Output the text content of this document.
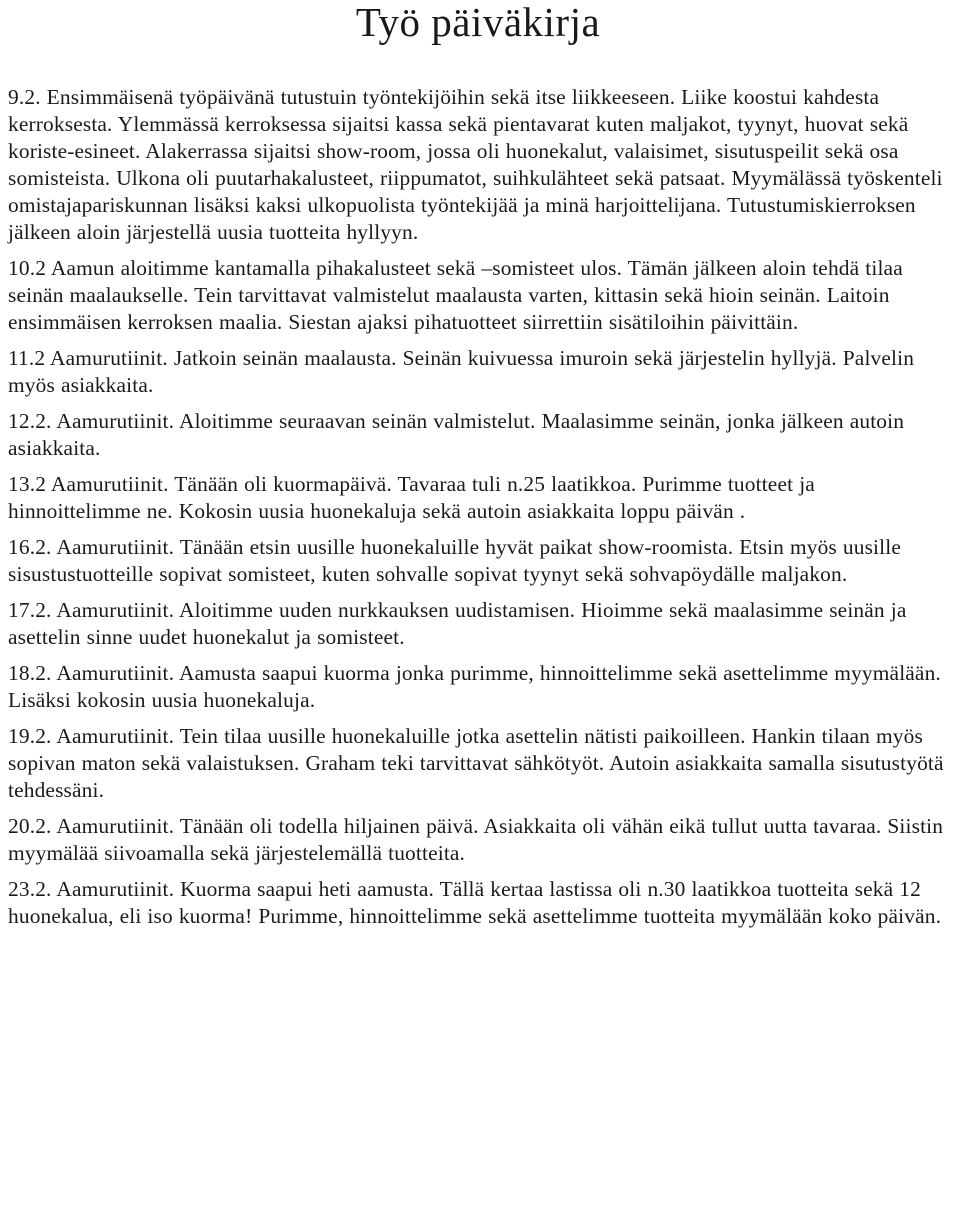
Työ päiväkirja

9.2. Ensimmäisenä työpäivänä tutustuin työntekijöihin sekä itse liikkeeseen. Liike koostui kahdesta kerroksesta. Ylemmässä kerroksessa sijaitsi kassa sekä pientavarat kuten maljakot, tyynyt, huovat sekä koriste-esineet. Alakerrassa sijaitsi show-room, jossa oli huonekalut, valaisimet, sisutuspeilit sekä osa somisteista. Ulkona oli puutarhakalusteet, riippumatot, suihkulähteet sekä patsaat. Myymälässä työskenteli omistajapariskunnan lisäksi kaksi ulkopuolista työntekijää ja minä harjoittelijana. Tutustumiskierroksen jälkeen aloin järjestellä uusia tuotteita hyllyyn.

10.2 Aamun aloitimme kantamalla pihakalusteet sekä –somisteet ulos. Tämän jälkeen aloin tehdä tilaa seinän maalaukselle. Tein tarvittavat valmistelut maalausta varten, kittasin sekä hioin seinän. Laitoin ensimmäisen kerroksen maalia. Siestan ajaksi pihatuotteet siirrettiin sisätiloihin päivittäin.

11.2 Aamurutiinit. Jatkoin seinän maalausta. Seinän kuivuessa imuroin sekä järjestelin hyllyjä. Palvelin myös asiakkaita.

12.2. Aamurutiinit. Aloitimme seuraavan seinän valmistelut. Maalasimme seinän, jonka jälkeen autoin asiakkaita.

13.2 Aamurutiinit. Tänään oli kuormapäivä. Tavaraa tuli n.25 laatikkoa. Purimme tuotteet ja hinnoittelimme ne. Kokosin uusia huonekaluja sekä autoin asiakkaita loppu päivän .

16.2. Aamurutiinit. Tänään etsin uusille huonekaluille hyvät paikat show-roomista. Etsin myös uusille sisustustuotteille sopivat somisteet, kuten sohvalle sopivat tyynyt sekä sohvapöydälle maljakon.

17.2. Aamurutiinit. Aloitimme uuden nurkkauksen uudistamisen. Hioimme sekä maalasimme seinän ja asettelin sinne uudet huonekalut ja somisteet.

18.2. Aamurutiinit. Aamusta saapui kuorma jonka purimme, hinnoittelimme sekä asettelimme myymälään. Lisäksi kokosin uusia huonekaluja.

19.2. Aamurutiinit. Tein tilaa uusille huonekaluille jotka asettelin nätisti paikoilleen. Hankin tilaan myös sopivan maton sekä valaistuksen. Graham teki tarvittavat sähkötyöt. Autoin asiakkaita samalla sisutustyötä tehdessäni.

20.2. Aamurutiinit. Tänään oli todella hiljainen päivä. Asiakkaita oli vähän eikä tullut uutta tavaraa. Siistin myymälää siivoamalla sekä järjestelemällä tuotteita.

23.2. Aamurutiinit. Kuorma saapui heti aamusta. Tällä kertaa lastissa oli n.30 laatikkoa tuotteita sekä 12 huonekalua, eli iso kuorma! Purimme, hinnoittelimme sekä asettelimme tuotteita myymälään koko päivän.
